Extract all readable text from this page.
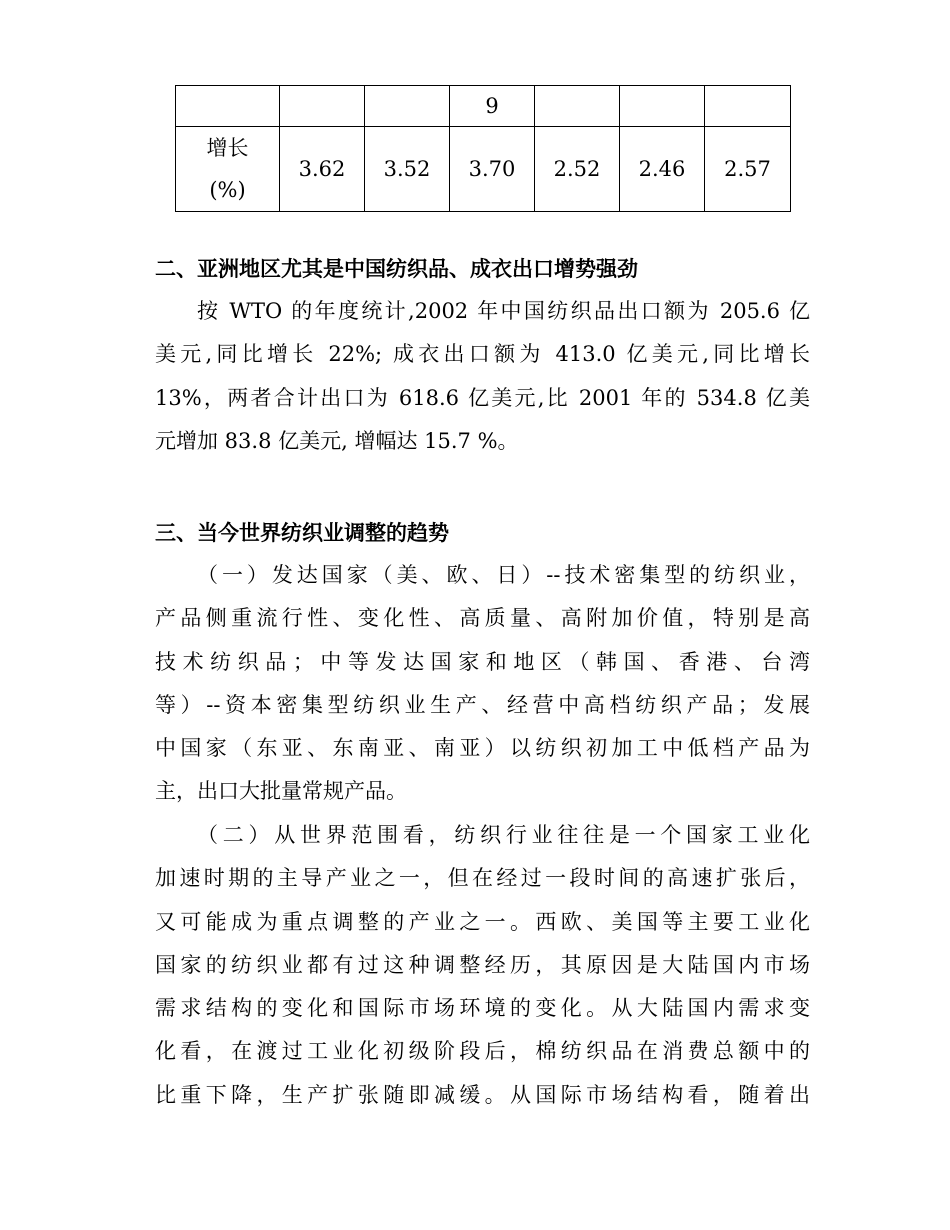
			9			
增长
(%)	3.62	3.52	3.70	2.52	2.46	2.57
二、亚洲地区尤其是中国纺织品、成衣出口增势强劲
按 WTO 的年度统计,2002 年中国纺织品出口额为 205.6 亿
美元,同比增长 22%; 成衣出口额为 413.0 亿美元,同比增长
13%，两者合计出口为 618.6 亿美元,比 2001 年的 534.8 亿美
元增加 83.8 亿美元, 增幅达 15.7 %。
三、当今世界纺织业调整的趋势
（一）发达国家（美、欧、日）--技术密集型的纺织业，
产品侧重流行性、变化性、高质量、高附加价值，特别是高
技术纺织品；中等发达国家和地区（韩国、香港、台湾
等）--资本密集型纺织业生产、经营中高档纺织产品；发展
中国家（东亚、东南亚、南亚）以纺织初加工中低档产品为
主，出口大批量常规产品。
（二）从世界范围看，纺织行业往往是一个国家工业化
加速时期的主导产业之一，但在经过一段时间的高速扩张后，
又可能成为重点调整的产业之一。西欧、美国等主要工业化
国家的纺织业都有过这种调整经历，其原因是大陆国内市场
需求结构的变化和国际市场环境的变化。从大陆国内需求变
化看，在渡过工业化初级阶段后，棉纺织品在消费总额中的
比重下降，生产扩张随即减缓。从国际市场结构看，随着出
